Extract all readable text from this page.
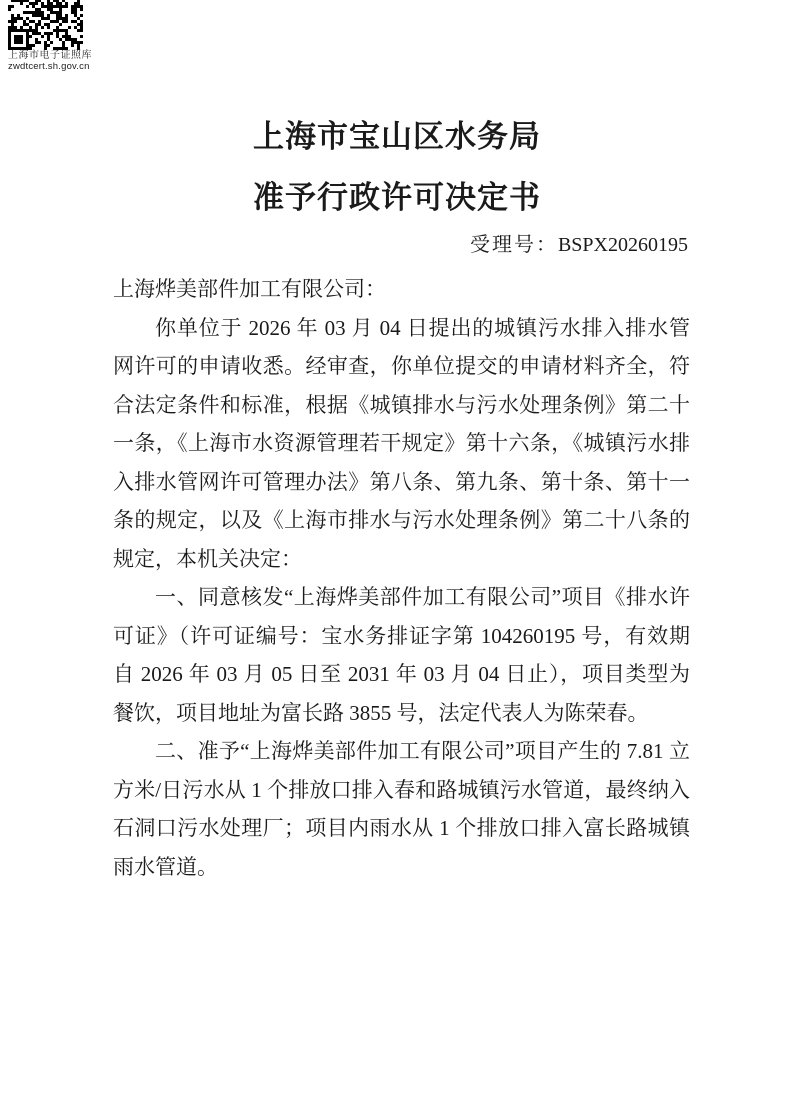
上海市电子证照库
zwdtcert.sh.gov.cn
上海市宝山区水务局
准予行政许可决定书
受理号：BSPX20260195

上海烨美部件加工有限公司：

你单位于 2026 年 03 月 04 日提出的城镇污水排入排水管网许可的申请收悉。经审查，你单位提交的申请材料齐全，符合法定条件和标准，根据《城镇排水与污水处理条例》第二十一条，《上海市水资源管理若干规定》第十六条，《城镇污水排入排水管网许可管理办法》第八条、第九条、第十条、第十一条的规定，以及《上海市排水与污水处理条例》第二十八条的规定，本机关决定：

一、同意核发“上海烨美部件加工有限公司”项目《排水许可证》（许可证编号：宝水务排证字第 104260195 号，有效期自 2026 年 03 月 05 日至 2031 年 03 月 04 日止），项目类型为餐饮，项目地址为富长路 3855 号，法定代表人为陈荣春。

二、准予“上海烨美部件加工有限公司”项目产生的 7.81 立方米/日污水从 1 个排放口排入春和路城镇污水管道，最终纳入石洞口污水处理厂；项目内雨水从 1 个排放口排入富长路城镇雨水管道。
